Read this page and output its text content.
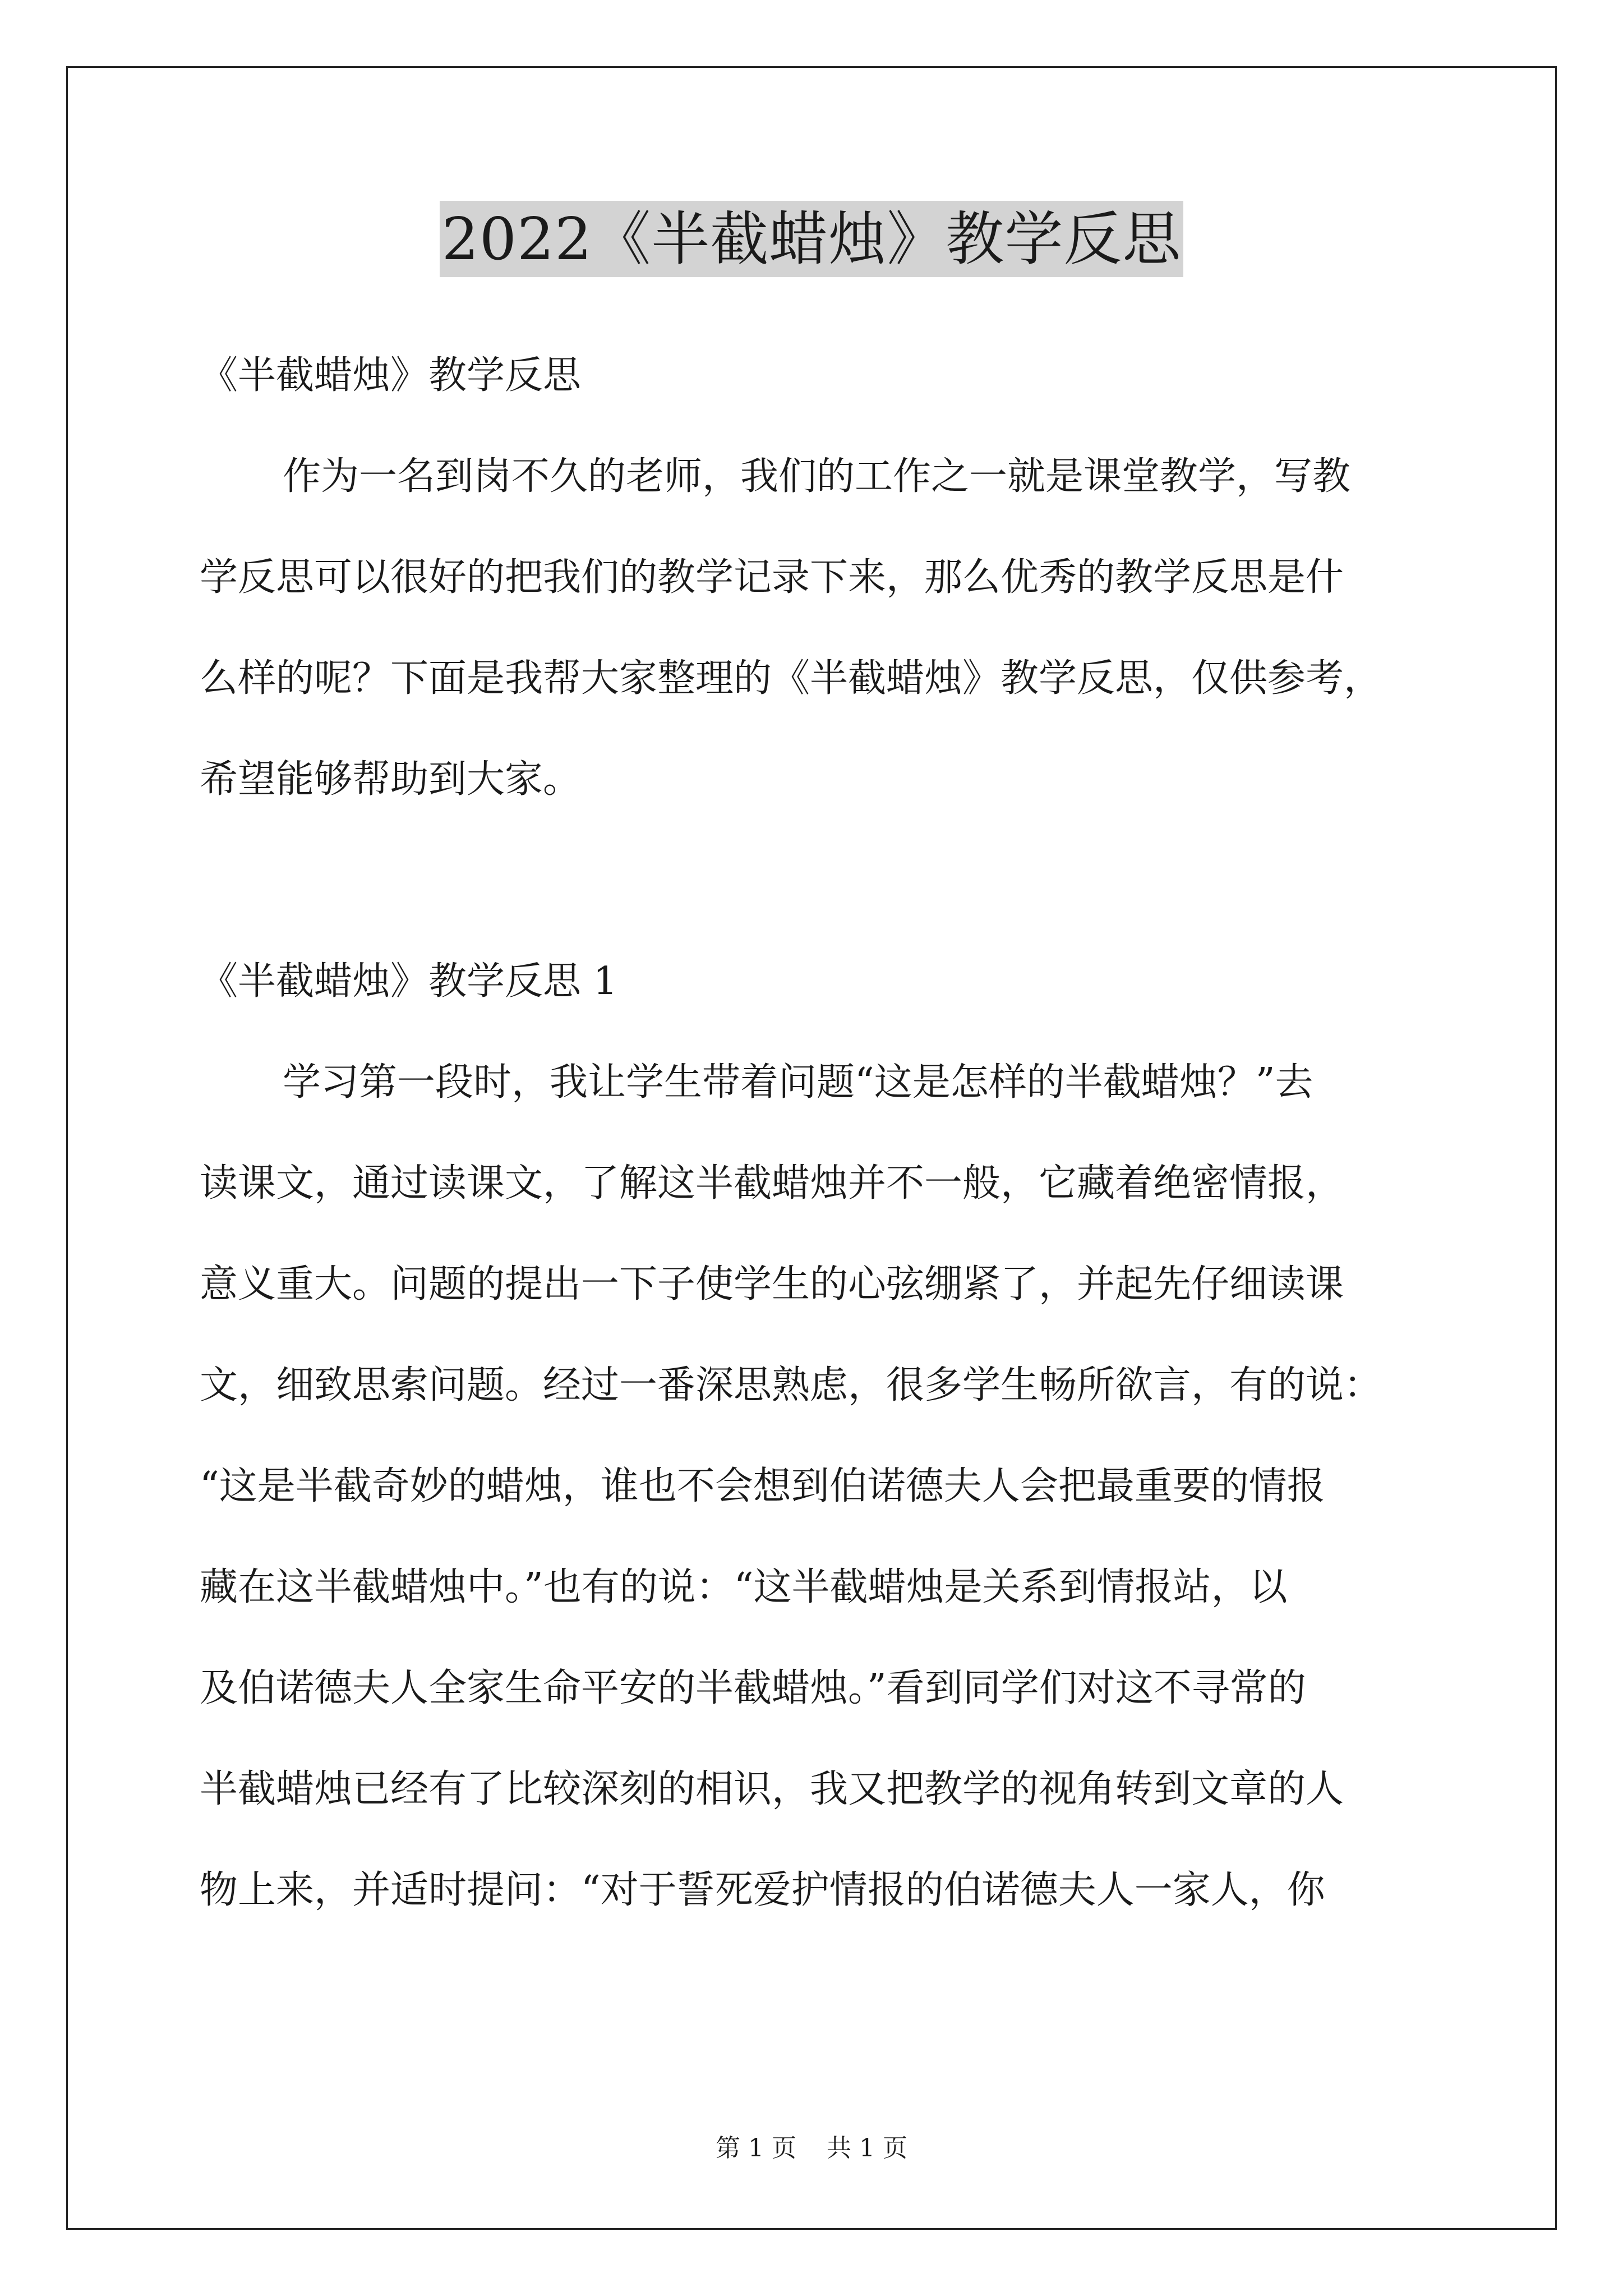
2022《半截蜡烛》教学反思

《半截蜡烛》教学反思

作为一名到岗不久的老师，我们的工作之一就是课堂教学，写教

学反思可以很好的把我们的教学记录下来，那么优秀的教学反思是什

么样的呢？下面是我帮大家整理的《半截蜡烛》教学反思，仅供参考，

希望能够帮助到大家。

《半截蜡烛》教学反思 1

学习第一段时，我让学生带着问题“这是怎样的半截蜡烛？”去

读课文，通过读课文，了解这半截蜡烛并不一般，它藏着绝密情报，

意义重大。问题的提出一下子使学生的心弦绷紧了，并起先仔细读课

文，细致思索问题。经过一番深思熟虑，很多学生畅所欲言，有的说：

“这是半截奇妙的蜡烛，谁也不会想到伯诺德夫人会把最重要的情报

藏在这半截蜡烛中。”也有的说：“这半截蜡烛是关系到情报站，以

及伯诺德夫人全家生命平安的半截蜡烛。”看到同学们对这不寻常的

半截蜡烛已经有了比较深刻的相识，我又把教学的视角转到文章的人

物上来，并适时提问：“对于誓死爱护情报的伯诺德夫人一家人，你

第 1 页 共 1 页
